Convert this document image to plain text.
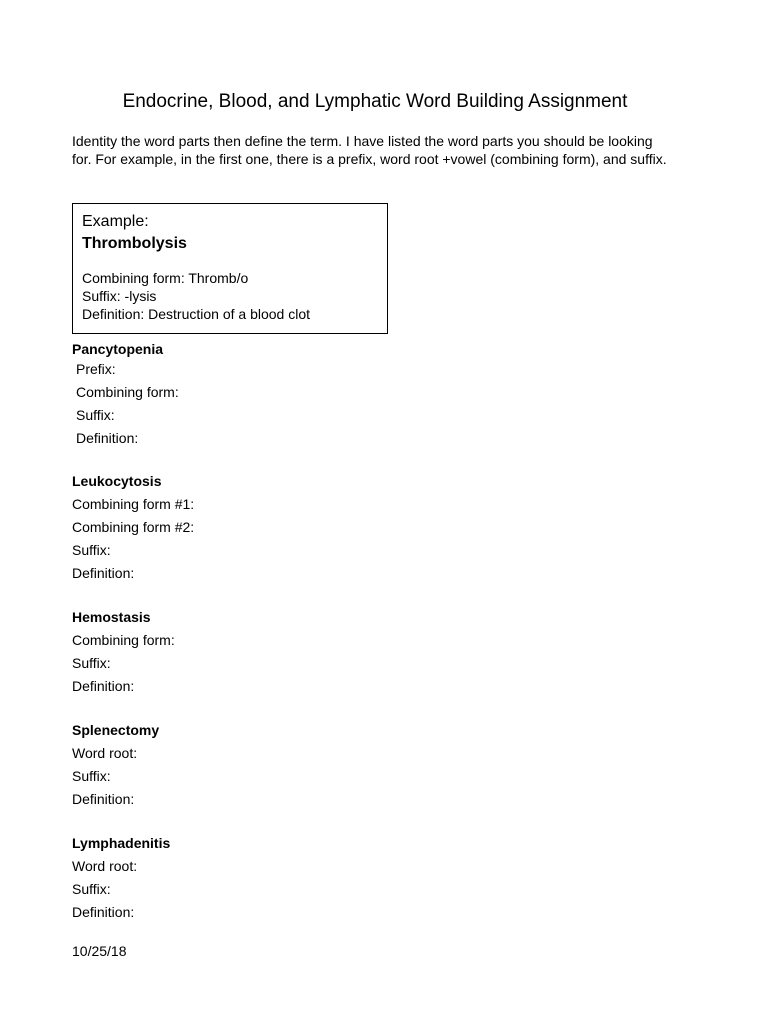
Endocrine, Blood, and Lymphatic Word Building Assignment
Identity the word parts then define the term. I have listed the word parts you should be looking for. For example, in the first one, there is a prefix, word root +vowel (combining form), and suffix.
Example:
Thrombolysis
Combining form: Thromb/o
Suffix: -lysis
Definition: Destruction of a blood clot
Pancytopenia
Prefix:
Combining form:
Suffix:
Definition:
Leukocytosis
Combining form #1:
Combining form #2:
Suffix:
Definition:
Hemostasis
Combining form:
Suffix:
Definition:
Splenectomy
Word root:
Suffix:
Definition:
Lymphadenitis
Word root:
Suffix:
Definition:
10/25/18
